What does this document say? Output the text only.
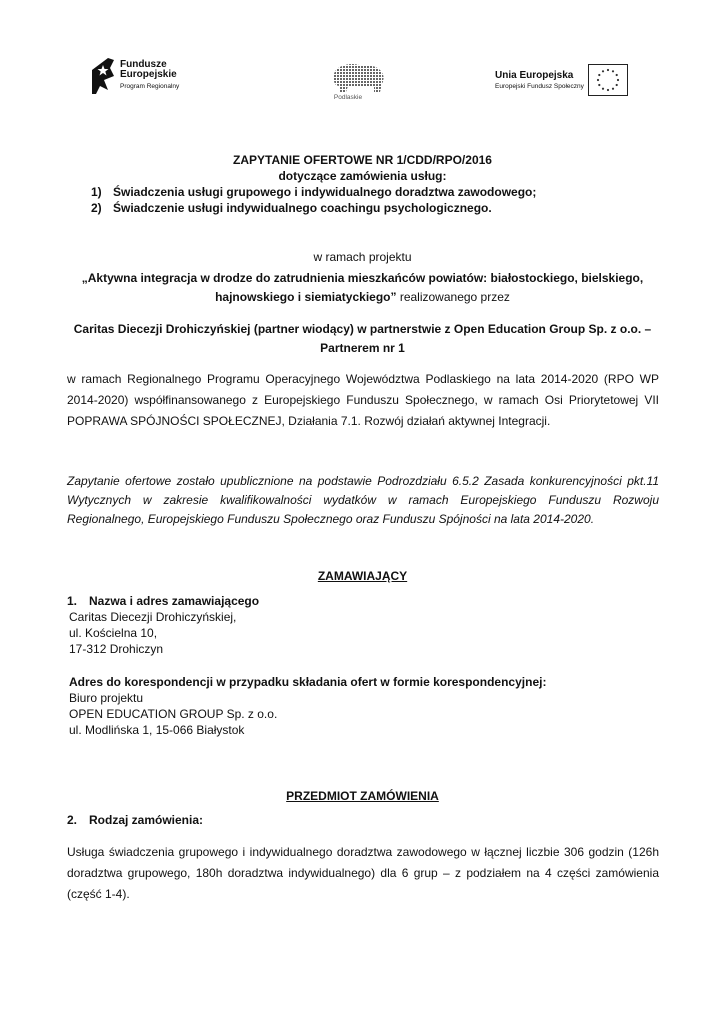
Fundusze
Europejskie
Program Regionalny
Podlaskie
Unia Europejska
Europejski Fundusz Społeczny
ZAPYTANIE OFERTOWE NR 1/CDD/RPO/2016
dotyczące zamówienia usług:
1) Świadczenia usługi grupowego i indywidualnego doradztwa zawodowego;
2) Świadczenie usługi indywidualnego coachingu psychologicznego.
w ramach projektu
„Aktywna integracja w drodze do zatrudnienia mieszkańców powiatów: białostockiego, bielskiego,
hajnowskiego i siemiatyckiego” realizowanego przez
Caritas Diecezji Drohiczyńskiej (partner wiodący) w partnerstwie z Open Education Group Sp. z o.o. –
Partnerem nr 1
w ramach Regionalnego Programu Operacyjnego Województwa Podlaskiego na lata 2014-2020 (RPO WP 2014-2020) współfinansowanego z Europejskiego Funduszu Społecznego, w ramach Osi Priorytetowej VII POPRAWA SPÓJNOŚCI SPOŁECZNEJ, Działania 7.1. Rozwój działań aktywnej Integracji.
Zapytanie ofertowe zostało upublicznione na podstawie Podrozdziału 6.5.2 Zasada konkurencyjności pkt.11 Wytycznych w zakresie kwalifikowalności wydatków w ramach Europejskiego Funduszu Rozwoju Regionalnego, Europejskiego Funduszu Społecznego oraz Funduszu Spójności na lata 2014-2020.
ZAMAWIAJĄCY
1. Nazwa i adres zamawiającego
Caritas Diecezji Drohiczyńskiej,
ul. Kościelna 10,
17-312 Drohiczyn
Adres do korespondencji w przypadku składania ofert w formie korespondencyjnej:
Biuro projektu
OPEN EDUCATION GROUP Sp. z o.o.
ul. Modlińska 1, 15-066 Białystok
PRZEDMIOT ZAMÓWIENIA
2. Rodzaj zamówienia:
Usługa świadczenia grupowego i indywidualnego doradztwa zawodowego w łącznej liczbie 306 godzin (126h doradztwa grupowego, 180h doradztwa indywidualnego) dla 6 grup – z podziałem na 4 części zamówienia (część 1-4).
